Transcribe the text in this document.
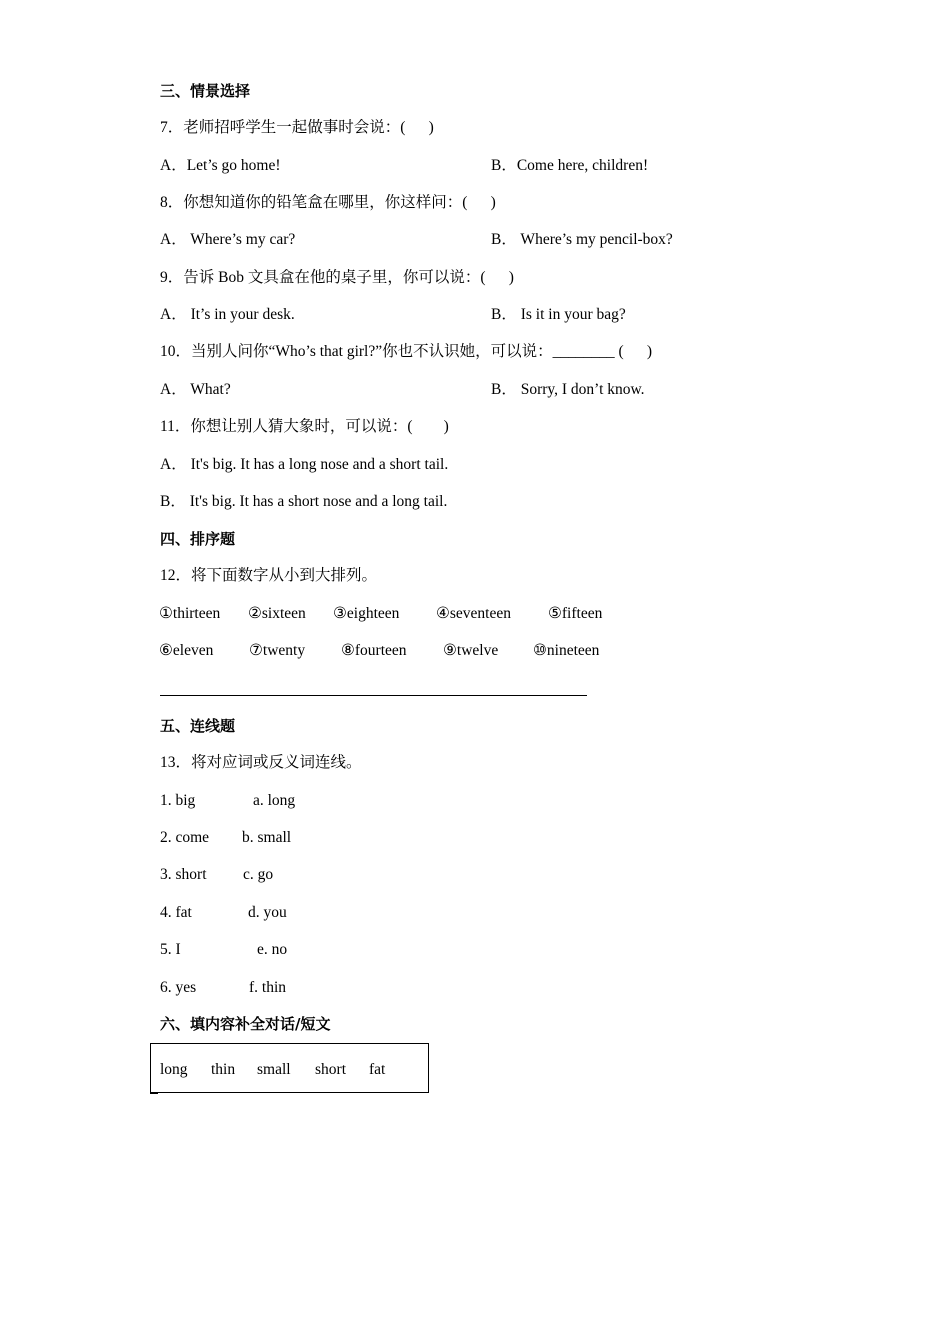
三、情景选择
7．老师招呼学生一起做事时会说：(      )
A．Let’s go home!	B．Come here, children!
8．你想知道你的铅笔盒在哪里，你这样问：(      )
A． Where’s my car?	B． Where’s my pencil-box?
9．告诉 Bob 文具盒在他的桌子里，你可以说：(      )
A． It’s in your desk.	B． Is it in your bag?
10．当别人问你“Who’s that girl?”你也不认识她，可以说：________ (      )
A． What?	B． Sorry, I don’t know.
11．你想让别人猜大象时，可以说：(        )
A． It's big. It has a long nose and a short tail.
B． It's big. It has a short nose and a long tail.
四、排序题
12．将下面数字从小到大排列。
①thirteen ②sixteen ③eighteen ④seventeen ⑤fifteen
⑥eleven ⑦twenty ⑧fourteen ⑨twelve ⑩nineteen
五、连线题
13．将对应词或反义词连线。
1. big	a. long
2. come b. small
3. short c. go
4. fat	d. you
5. I	e. no
6. yes	f. thin
六、填内容补全对话/短文
long thin small short fat
